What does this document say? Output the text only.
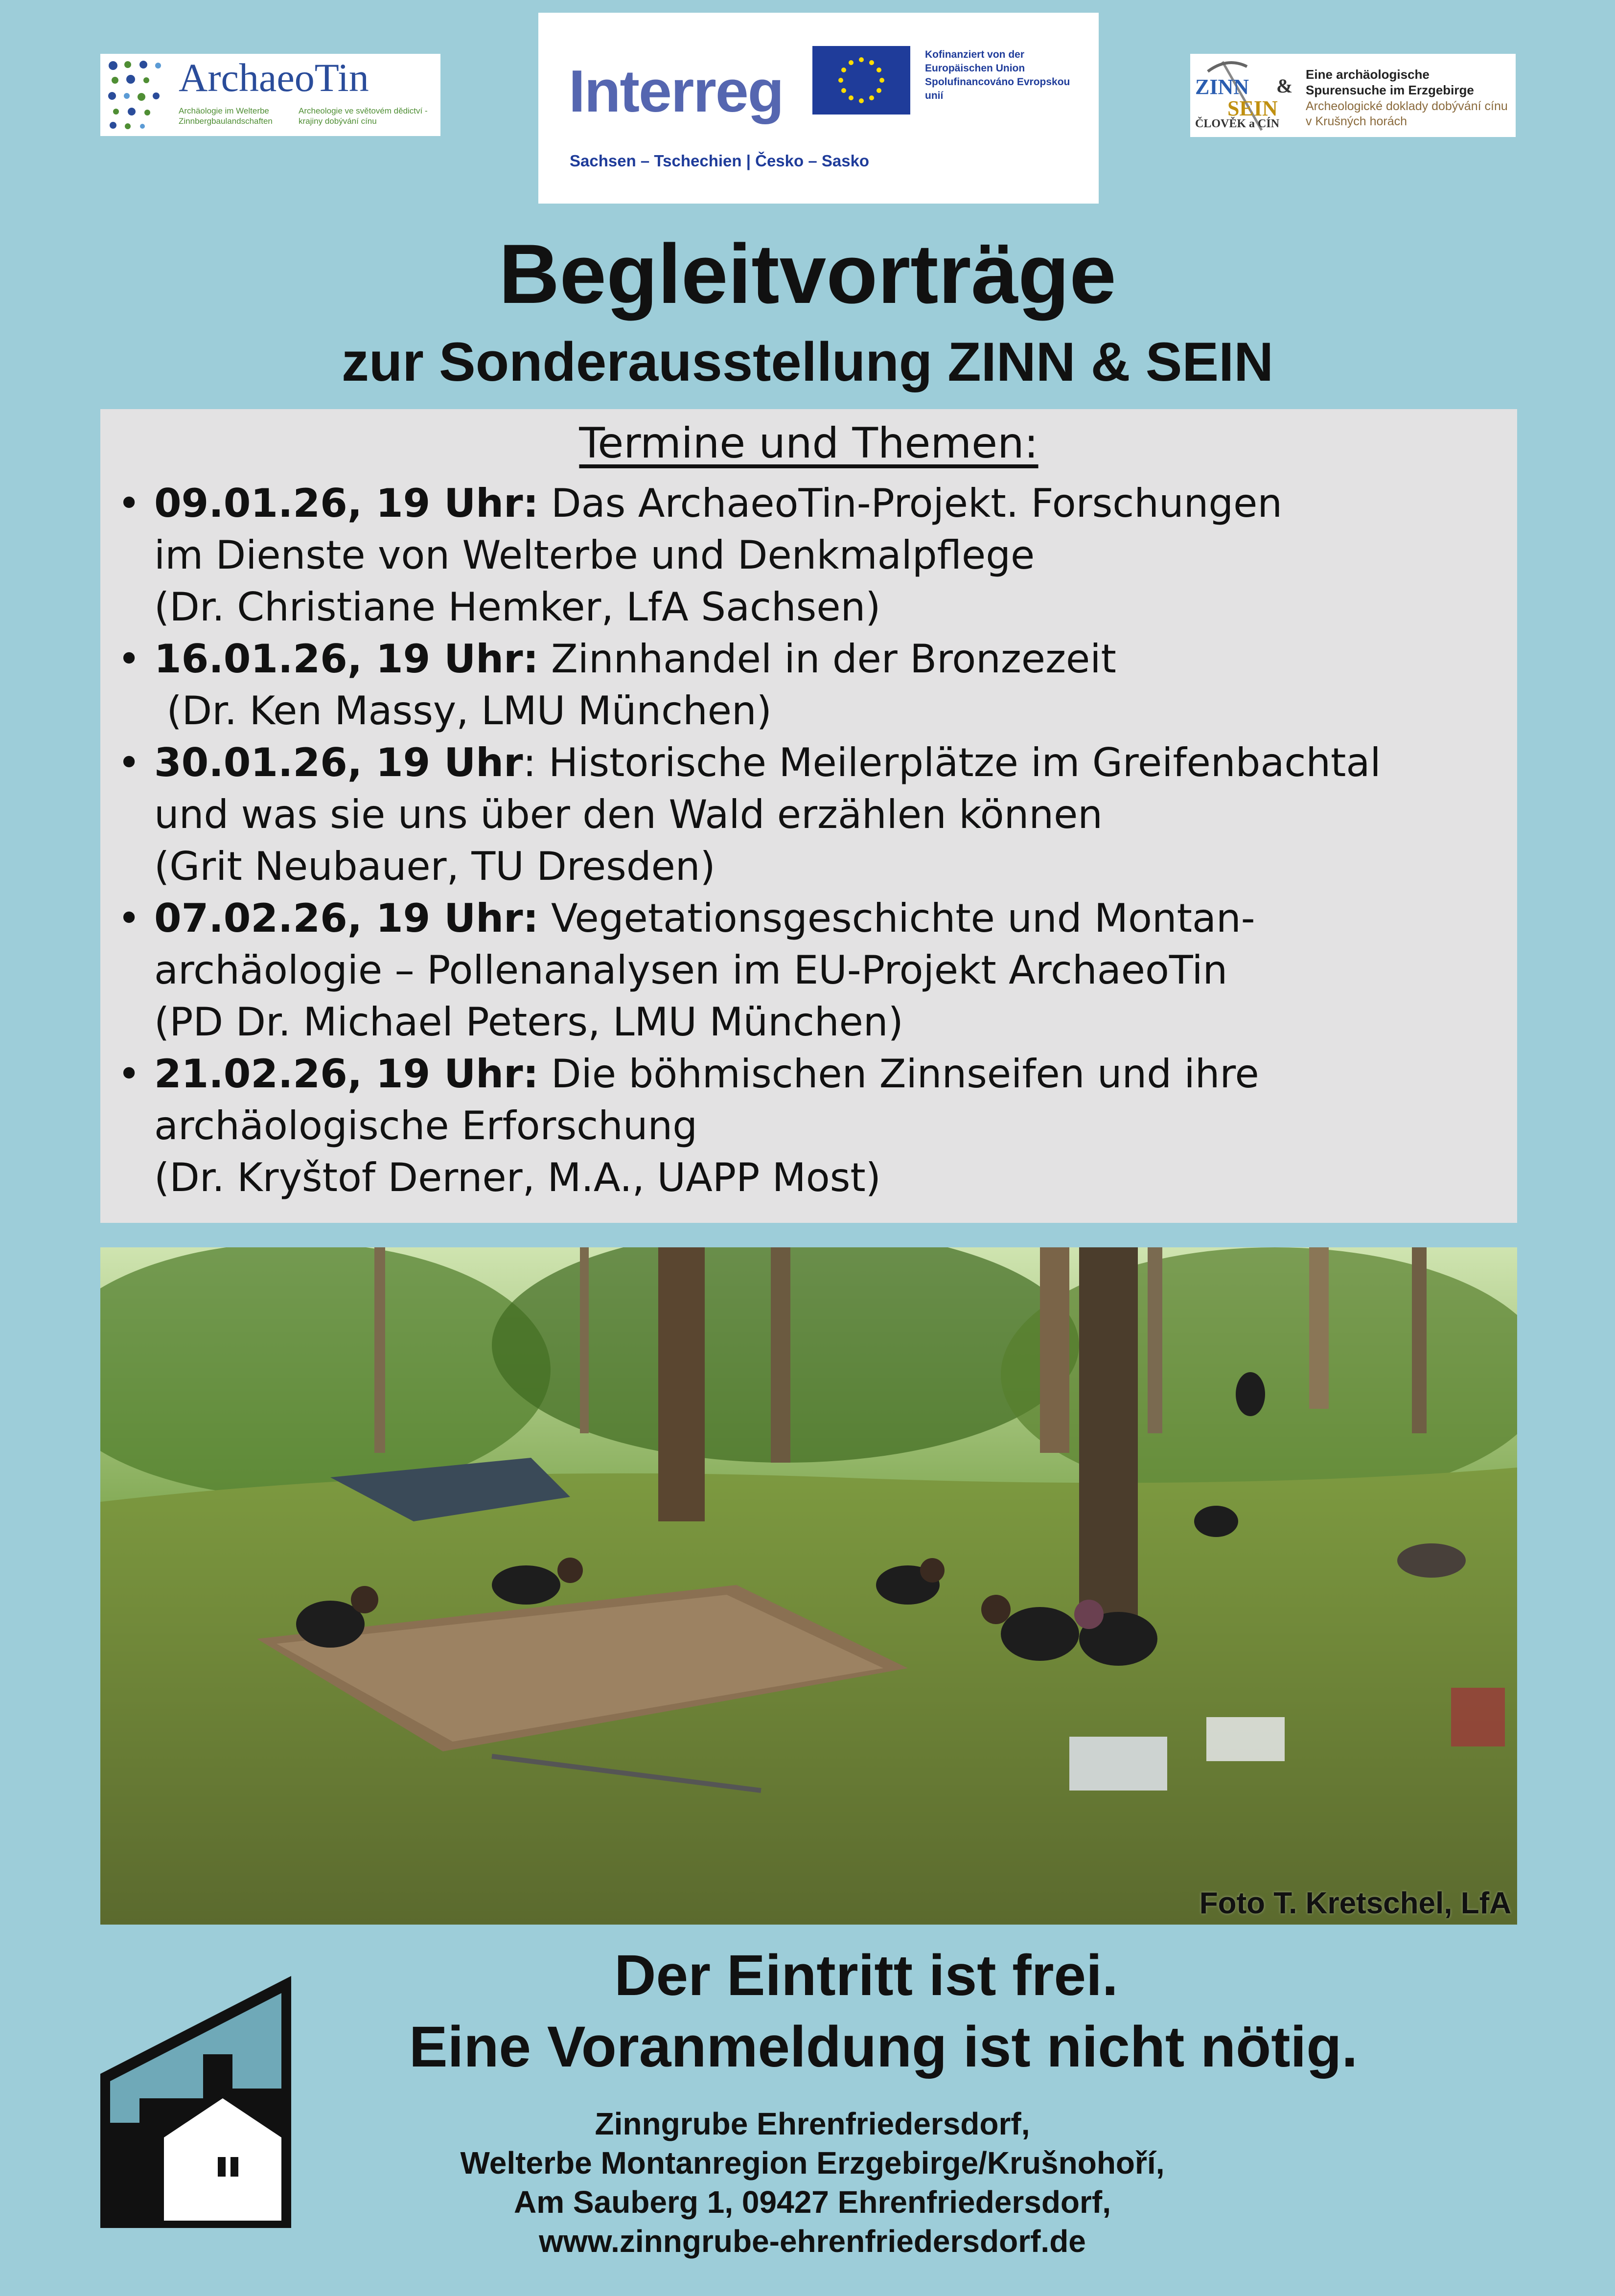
ArchaeoTin
Archäologie im Welterbe Zinnbergbaulandschaften
Archeologie ve světovém dědictví - krajiny dobývání cínu	Interreg
Kofinanziert von der Europäischen Union
Spolufinancováno Evropskou unií
Sachsen – Tschechien | Česko – Sasko
ZINN &
SEIN
ČLOVĚK a CÍN
Eine archäologische Spurensuche im Erzgebirge
Archeologické doklady dobývání cínu v Krušných horách
Begleitvorträge
zur Sonderausstellung ZINN & SEIN
Termine und Themen:
• 09.01.26, 19 Uhr: Das ArchaeoTin-Projekt. Forschungen
im Dienste von Welterbe und Denkmalpflege
(Dr. Christiane Hemker, LfA Sachsen)
• 16.01.26, 19 Uhr: Zinnhandel in der Bronzezeit
(Dr. Ken Massy, LMU München)
• 30.01.26, 19 Uhr: Historische Meilerplätze im Greifenbachtal
und was sie uns über den Wald erzählen können
(Grit Neubauer, TU Dresden)
• 07.02.26, 19 Uhr: Vegetationsgeschichte und Montan-
archäologie – Pollenanalysen im EU-Projekt ArchaeoTin
(PD Dr. Michael Peters, LMU München)
• 21.02.26, 19 Uhr: Die böhmischen Zinnseifen und ihre
archäologische Erforschung
(Dr. Kryštof Derner, M.A., UAPP Most)
Foto T. Kretschel, LfA
Der Eintritt ist frei.
Eine Voranmeldung ist nicht nötig.
Zinngrube Ehrenfriedersdorf,
Welterbe Montanregion Erzgebirge/Krušnohoří,
Am Sauberg 1, 09427 Ehrenfriedersdorf,
www.zinngrube-ehrenfriedersdorf.de
